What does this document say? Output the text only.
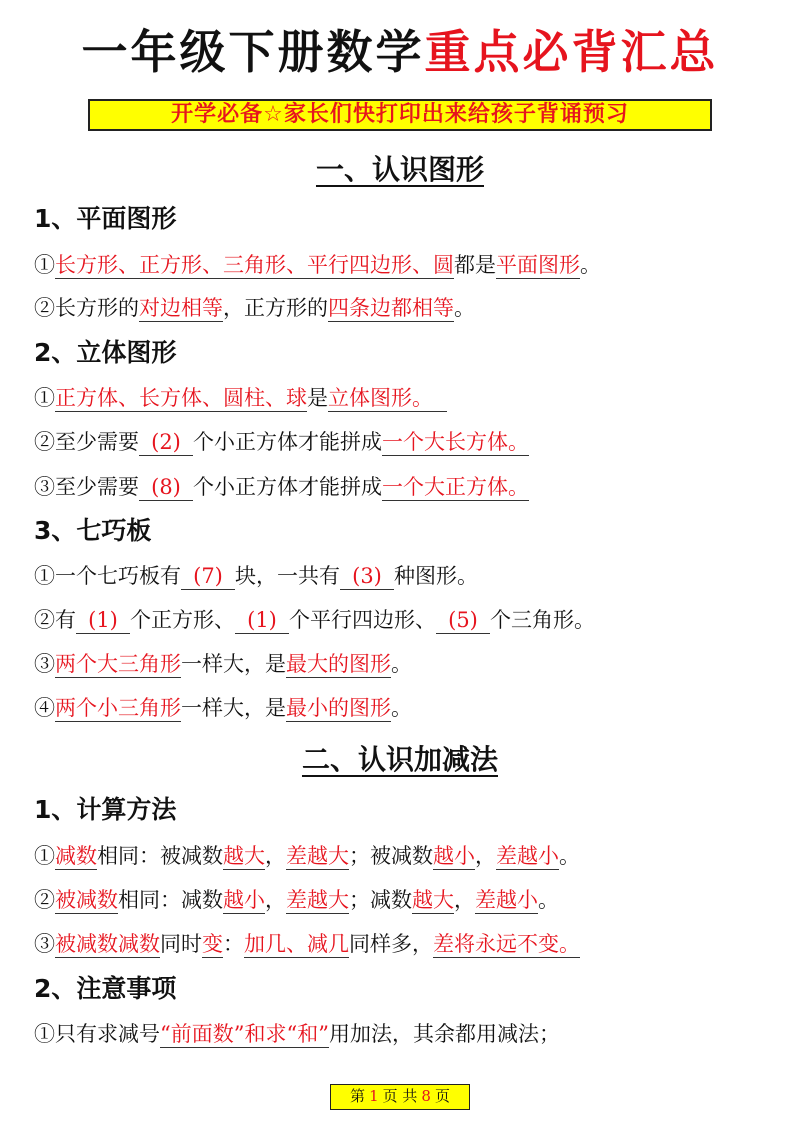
一年级下册数学重点必背汇总
开学必备☆家长们快打印出来给孩子背诵预习
一、认识图形
1、平面图形
①长方形、正方形、三角形、平行四边形、圆都是平面图形。
②长方形的对边相等，正方形的四条边都相等。
2、立体图形
①正方体、长方体、圆柱、球是立体图形。
②至少需要 (2) 个小正方体才能拼成一个大长方体。
③至少需要 (8) 个小正方体才能拼成一个大正方体。
3、七巧板
①一个七巧板有 (7) 块，一共有 (3) 种图形。
②有 (1) 个正方形、 (1) 个平行四边形、 (5) 个三角形。
③两个大三角形一样大，是最大的图形。
④两个小三角形一样大，是最小的图形。
二、认识加减法
1、计算方法
①减数相同：被减数越大，差越大；被减数越小，差越小。
②被减数相同：减数越小，差越大；减数越大，差越小。
③被减数减数同时变：加几、减几同样多，差将永远不变。
2、注意事项
①只有求减号“前面数”和求“和”用加法，其余都用减法；
第 1 页 共 8 页
